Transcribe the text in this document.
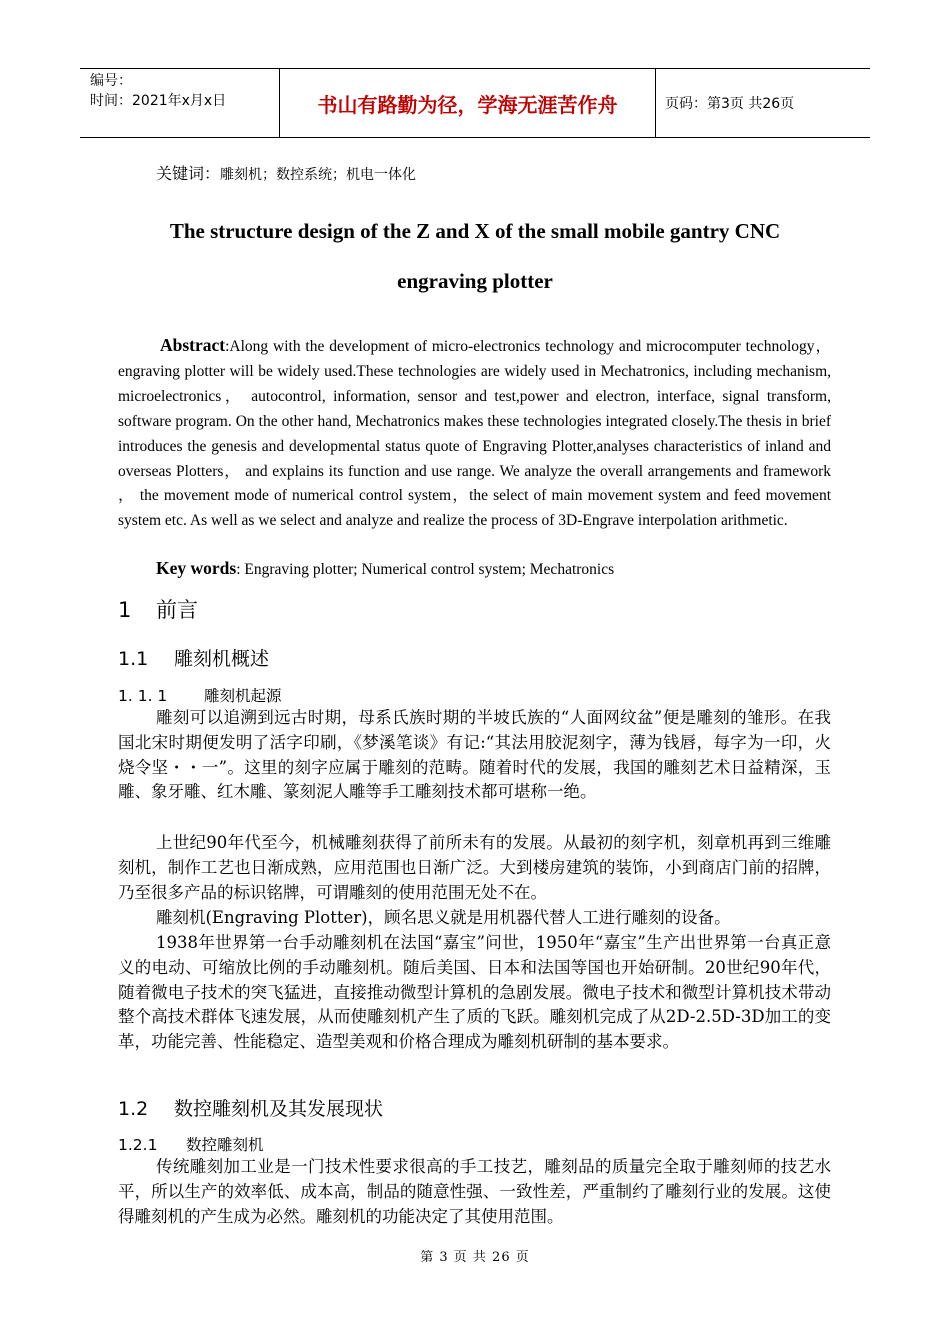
编号：
时间：2021年x月x日	书山有路勤为径，学海无涯苦作舟	页码：第3页 共26页
关键词：雕刻机；数控系统；机电一体化
The structure design of the Z and X of the small mobile gantry CNC
engraving plotter
Abstract:Along with the development of micro-electronics technology and microcomputer technology，engraving plotter will be widely used.These technologies are widely used in Mechatronics, including mechanism, microelectronics， autocontrol, information, sensor and test,power and electron, interface, signal transform, software program. On the other hand, Mechatronics makes these technologies integrated closely.The thesis in brief introduces the genesis and developmental status quote of Engraving Plotter,analyses characteristics of inland and overseas Plotters， and explains its function and use range. We analyze the overall arrangements and framework ， the movement mode of numerical control system，the select of main movement system and feed movement system etc. As well as we select and analyze and realize the process of 3D-Engrave interpolation arithmetic.
Key words: Engraving plotter; Numerical control system; Mechatronics
1 前言
1.1 雕刻机概述
1. 1. 1 雕刻机起源
雕刻可以追溯到远古时期，母系氏族时期的半坡氏族的“人面网纹盆”便是雕刻的雏形。在我国北宋时期便发明了活字印刷，《梦溪笔谈》有记:“其法用胶泥刻字，薄为钱唇，每字为一印，火烧令坚・・一”。这里的刻字应属于雕刻的范畴。随着时代的发展，我国的雕刻艺术日益精深，玉雕、象牙雕、红木雕、篆刻泥人雕等手工雕刻技术都可堪称一绝。
上世纪90年代至今，机械雕刻获得了前所未有的发展。从最初的刻字机，刻章机再到三维雕刻机，制作工艺也日渐成熟，应用范围也日渐广泛。大到楼房建筑的装饰，小到商店门前的招牌，乃至很多产品的标识铭牌，可谓雕刻的使用范围无处不在。
雕刻机(Engraving Plotter)，顾名思义就是用机器代替人工进行雕刻的设备。
1938年世界第一台手动雕刻机在法国“嘉宝”问世，1950年“嘉宝”生产出世界第一台真正意义的电动、可缩放比例的手动雕刻机。随后美国、日本和法国等国也开始研制。20世纪90年代，随着微电子技术的突飞猛进，直接推动微型计算机的急剧发展。微电子技术和微型计算机技术带动整个高技术群体飞速发展，从而使雕刻机产生了质的飞跃。雕刻机完成了从2D-2.5D-3D加工的变革，功能完善、性能稳定、造型美观和价格合理成为雕刻机研制的基本要求。
1.2 数控雕刻机及其发展现状
1.2.1 数控雕刻机
传统雕刻加工业是一门技术性要求很高的手工技艺，雕刻品的质量完全取于雕刻师的技艺水平，所以生产的效率低、成本高，制品的随意性强、一致性差，严重制约了雕刻行业的发展。这使得雕刻机的产生成为必然。雕刻机的功能决定了其使用范围。
第 3 页 共 26 页
